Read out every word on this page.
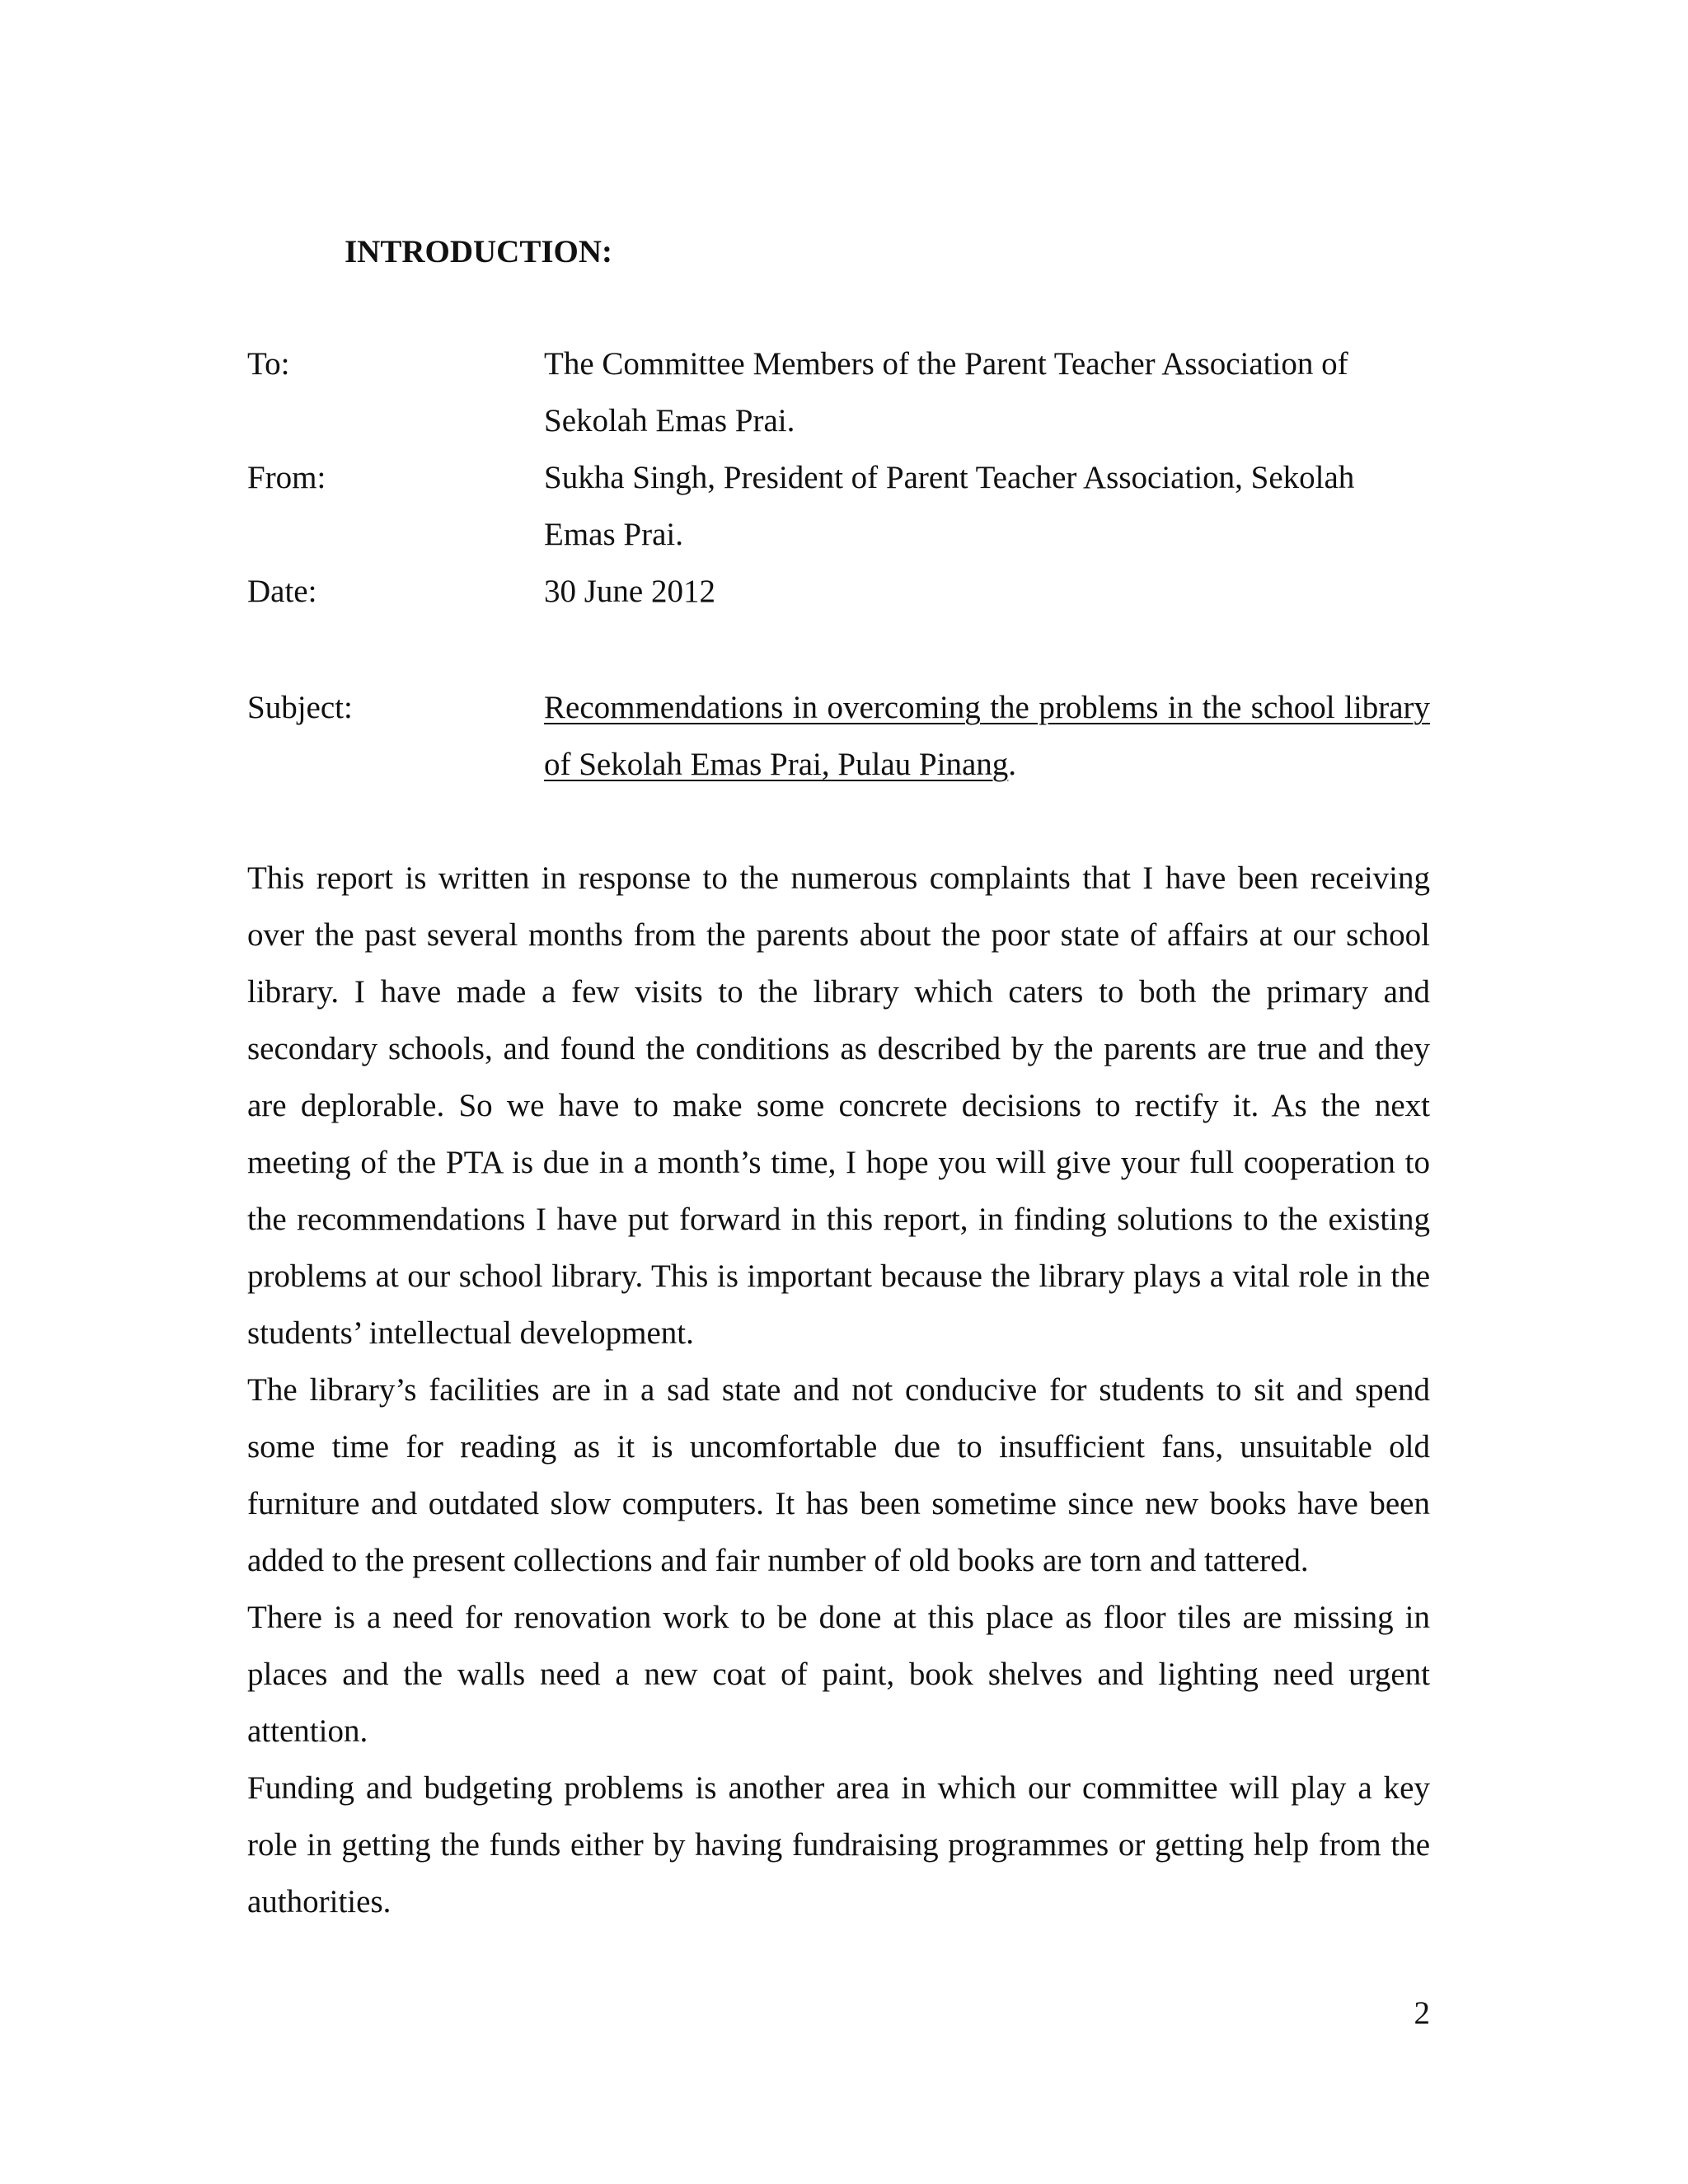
INTRODUCTION:
To:	The Committee Members of the Parent Teacher Association of Sekolah Emas Prai.
From:	Sukha Singh, President of Parent Teacher Association, Sekolah Emas Prai.
Date:	30 June 2012
Subject:	Recommendations in overcoming the problems in the school library of Sekolah Emas Prai, Pulau Pinang.

This report is written in response to the numerous complaints that I have been receiving over the past several months from the parents about the poor state of affairs at our school library. I have made a few visits to the library which caters to both the primary and secondary schools, and found the conditions as described by the parents are true and they are deplorable. So we have to make some concrete decisions to rectify it. As the next meeting of the PTA is due in a month’s time, I hope you will give your full cooperation to the recommendations I have put forward in this report, in finding solutions to the existing problems at our school library. This is important because the library plays a vital role in the students’ intellectual development.

The library’s facilities are in a sad state and not conducive for students to sit and spend some time for reading as it is uncomfortable due to insufficient fans, unsuitable old furniture and outdated slow computers. It has been sometime since new books have been added to the present collections and fair number of old books are torn and tattered.

There is a need for renovation work to be done at this place as floor tiles are missing in places and the walls need a new coat of paint, book shelves and lighting need urgent attention.

Funding and budgeting problems is another area in which our committee will play a key role in getting the funds either by having fundraising programmes or getting help from the authorities.

2
